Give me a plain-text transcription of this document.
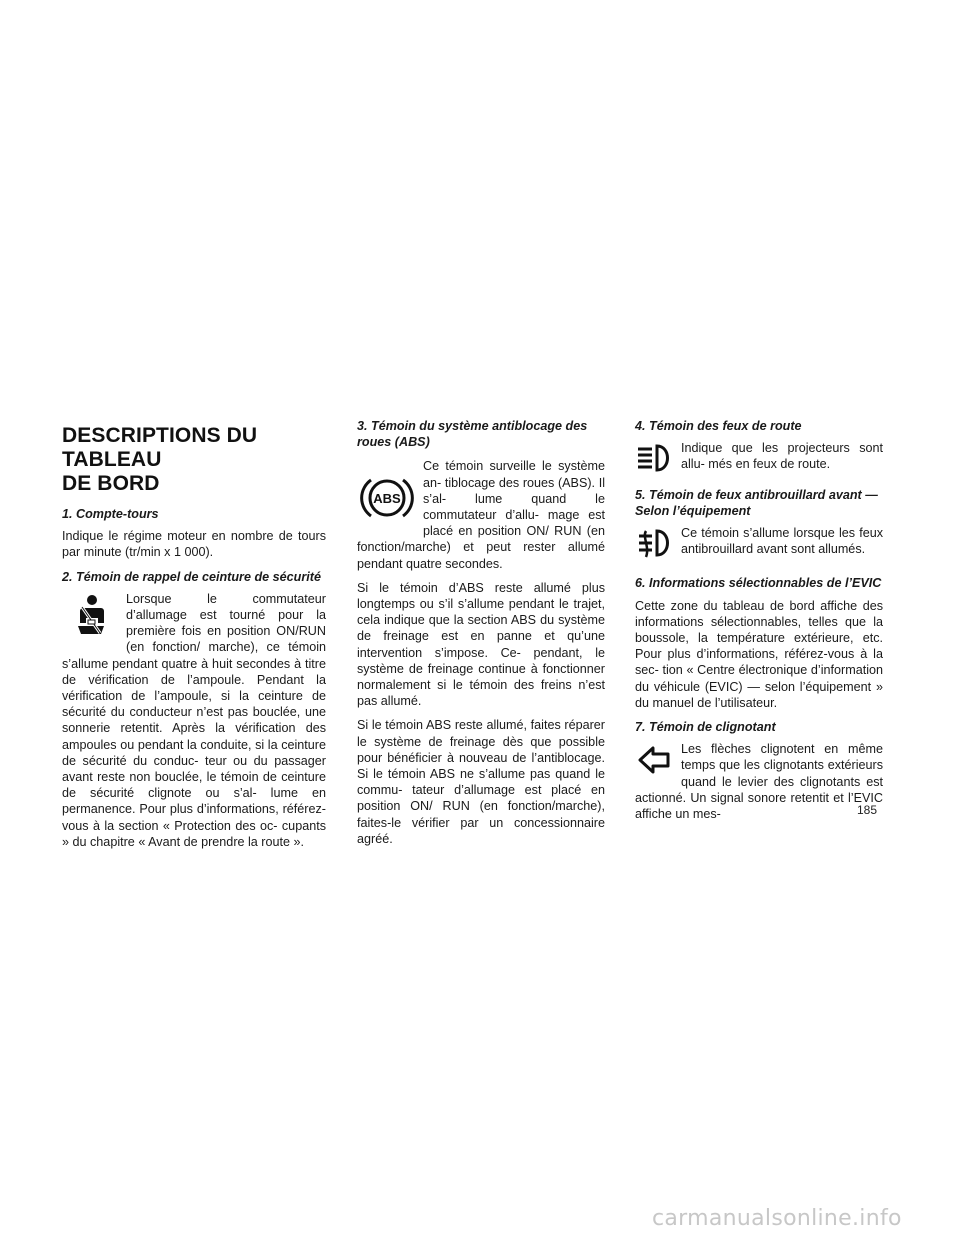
DESCRIPTIONS DU TABLEAU
DE BORD
1. Compte-tours
Indique le régime moteur en nombre de tours par minute (tr/min x 1 000).
2. Témoin de rappel de ceinture de sécurité
Lorsque le commutateur d’allumage est tourné pour la première fois en position ON/RUN (en fonction/ marche), ce témoin s’allume pendant quatre à huit secondes à titre de vérification de l’ampoule. Pendant la vérification de l’ampoule, si la ceinture de sécurité du conducteur n’est pas bouclée, une sonnerie retentit. Après la vérification des ampoules ou pendant la conduite, si la ceinture de sécurité du conduc- teur ou du passager avant reste non bouclée, le témoin de ceinture de sécurité clignote ou s’al- lume en permanence. Pour plus d’informations, référez-vous à la section « Protection des oc- cupants » du chapitre « Avant de prendre la route ».
3. Témoin du système antiblocage des roues (ABS)
ABS
Ce témoin surveille le système an- tiblocage des roues (ABS). Il s’al- lume quand le commutateur d’allu- mage est placé en position ON/ RUN (en fonction/marche) et peut rester allumé pendant quatre secondes.
Si le témoin d’ABS reste allumé plus longtemps ou s’il s’allume pendant le trajet, cela indique que la section ABS du système de freinage est en panne et qu’une intervention s’impose. Ce- pendant, le système de freinage continue à fonctionner normalement si le témoin des freins n’est pas allumé.
Si le témoin ABS reste allumé, faites réparer le système de freinage dès que possible pour bénéficier à nouveau de l’antiblocage. Si le témoin ABS ne s’allume pas quand le commu- tateur d’allumage est placé en position ON/ RUN (en fonction/marche), faites-le vérifier par un concessionnaire agréé.
4. Témoin des feux de route
Indique que les projecteurs sont allu- més en feux de route.
5. Témoin de feux antibrouillard avant — Selon l’équipement
Ce témoin s’allume lorsque les feux antibrouillard avant sont allumés.
6. Informations sélectionnables de l’EVIC
Cette zone du tableau de bord affiche des informations sélectionnables, telles que la boussole, la température extérieure, etc. Pour plus d’informations, référez-vous à la sec- tion « Centre électronique d’information du véhicule (EVIC) — selon l’équipement » du manuel de l’utilisateur.
7. Témoin de clignotant
Les flèches clignotent en même temps que les clignotants extérieurs quand le levier des clignotants est actionné. Un signal sonore retentit et l’EVIC affiche un mes-	185
carmanualsonline.info
